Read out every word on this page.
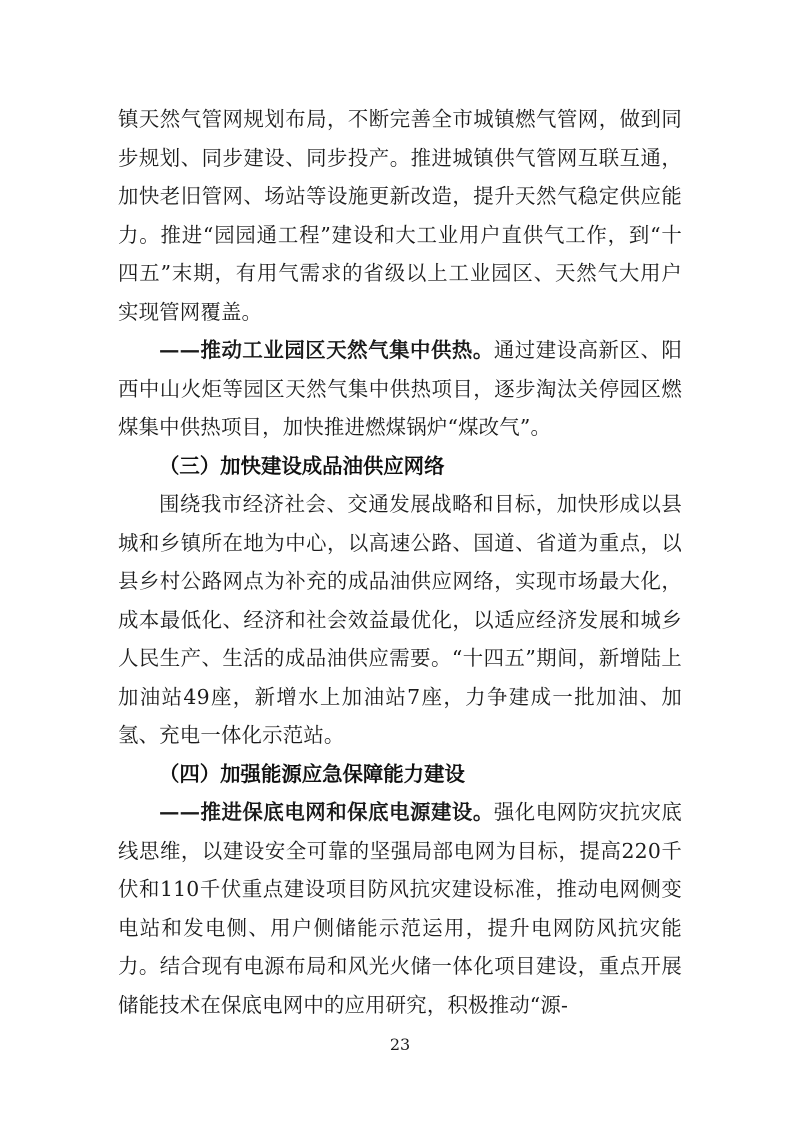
镇天然气管网规划布局，不断完善全市城镇燃气管网，做到同步规划、同步建设、同步投产。推进城镇供气管网互联互通，加快老旧管网、场站等设施更新改造，提升天然气稳定供应能力。推进“园园通工程”建设和大工业用户直供气工作，到“十四五”末期，有用气需求的省级以上工业园区、天然气大用户实现管网覆盖。

——推动工业园区天然气集中供热。通过建设高新区、阳西中山火炬等园区天然气集中供热项目，逐步淘汰关停园区燃煤集中供热项目，加快推进燃煤锅炉“煤改气”。

（三）加快建设成品油供应网络

围绕我市经济社会、交通发展战略和目标，加快形成以县城和乡镇所在地为中心，以高速公路、国道、省道为重点，以县乡村公路网点为补充的成品油供应网络，实现市场最大化，成本最低化、经济和社会效益最优化，以适应经济发展和城乡人民生产、生活的成品油供应需要。“十四五”期间，新增陆上加油站49座，新增水上加油站7座，力争建成一批加油、加氢、充电一体化示范站。

（四）加强能源应急保障能力建设

——推进保底电网和保底电源建设。强化电网防灾抗灾底线思维，以建设安全可靠的坚强局部电网为目标，提高220千伏和110千伏重点建设项目防风抗灾建设标准，推动电网侧变电站和发电侧、用户侧储能示范运用，提升电网防风抗灾能力。结合现有电源布局和风光火储一体化项目建设，重点开展储能技术在保底电网中的应用研究，积极推动“源-

23
